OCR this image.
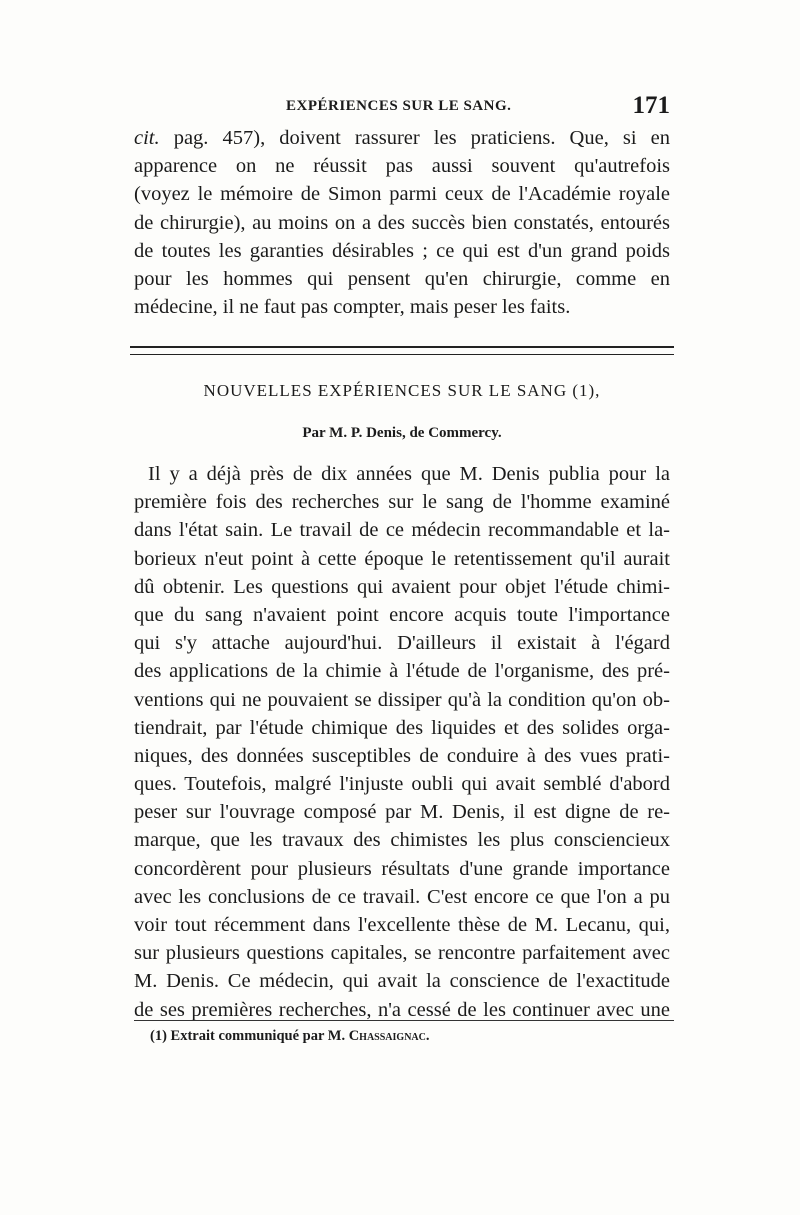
EXPÉRIENCES SUR LE SANG.	171
cit. pag. 457), doivent rassurer les praticiens. Que, si en
apparence on ne réussit pas aussi souvent qu'autrefois
(voyez le mémoire de Simon parmi ceux de l'Académie royale
de chirurgie), au moins on a des succès bien constatés, entourés
de toutes les garanties désirables ; ce qui est d'un grand poids
pour les hommes qui pensent qu'en chirurgie, comme en
médecine, il ne faut pas compter, mais peser les faits.
NOUVELLES EXPÉRIENCES SUR LE SANG (1),
Par M. P. Denis, de Commercy.
Il y a déjà près de dix années que M. Denis publia pour la
première fois des recherches sur le sang de l'homme examiné
dans l'état sain. Le travail de ce médecin recommandable et la-
borieux n'eut point à cette époque le retentissement qu'il aurait
dû obtenir. Les questions qui avaient pour objet l'étude chimi-
que du sang n'avaient point encore acquis toute l'importance
qui s'y attache aujourd'hui. D'ailleurs il existait à l'égard
des applications de la chimie à l'étude de l'organisme, des pré-
ventions qui ne pouvaient se dissiper qu'à la condition qu'on ob-
tiendrait, par l'étude chimique des liquides et des solides orga-
niques, des données susceptibles de conduire à des vues prati-
ques. Toutefois, malgré l'injuste oubli qui avait semblé d'abord
peser sur l'ouvrage composé par M. Denis, il est digne de re-
marque, que les travaux des chimistes les plus consciencieux
concordèrent pour plusieurs résultats d'une grande importance
avec les conclusions de ce travail. C'est encore ce que l'on a pu
voir tout récemment dans l'excellente thèse de M. Lecanu, qui,
sur plusieurs questions capitales, se rencontre parfaitement avec
M. Denis. Ce médecin, qui avait la conscience de l'exactitude
de ses premières recherches, n'a cessé de les continuer avec une
(1) Extrait communiqué par M. Chassaignac.
